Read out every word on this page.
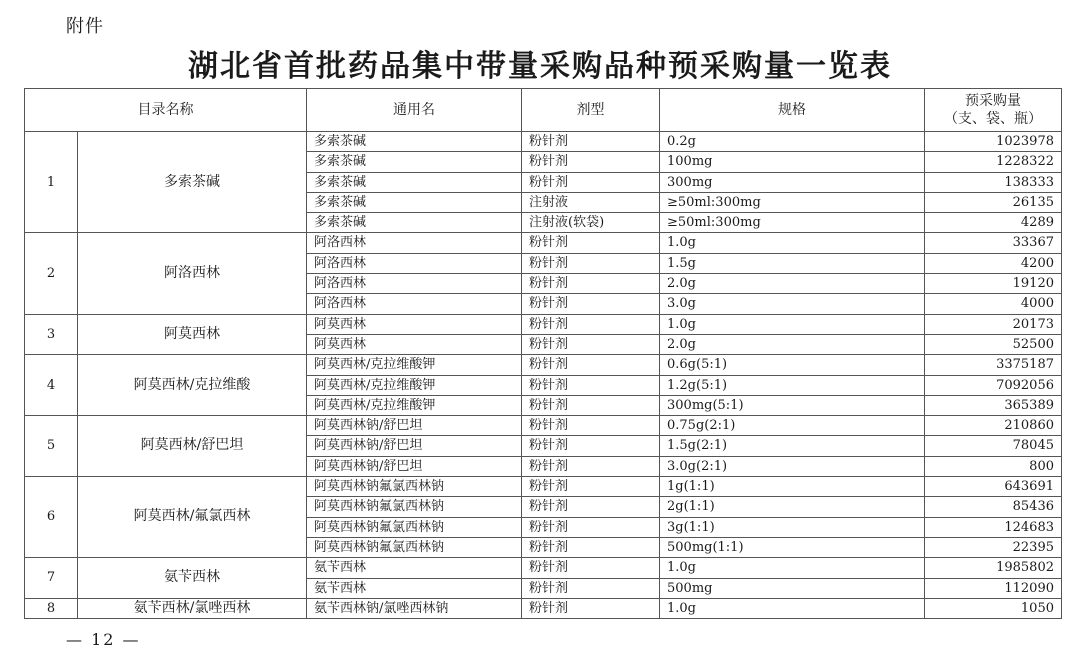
附件
湖北省首批药品集中带量采购品种预采购量一览表
目录名称		通用名	剂型	规格	预采购量
（支、袋、瓶）

1	多索茶碱	多索茶碱	粉针剂	0.2g	1023978
		多索茶碱	粉针剂	100mg	1228322
		多索茶碱	粉针剂	300mg	138333
		多索茶碱	注射液	≥50ml:300mg	26135
		多索茶碱	注射液(软袋)	≥50ml:300mg	4289
2	阿洛西林	阿洛西林	粉针剂	1.0g	33367
		阿洛西林	粉针剂	1.5g	4200
		阿洛西林	粉针剂	2.0g	19120
		阿洛西林	粉针剂	3.0g	4000
3	阿莫西林	阿莫西林	粉针剂	1.0g	20173
		阿莫西林	粉针剂	2.0g	52500
4	阿莫西林/克拉维酸	阿莫西林/克拉维酸钾	粉针剂	0.6g(5:1)	3375187
		阿莫西林/克拉维酸钾	粉针剂	1.2g(5:1)	7092056
		阿莫西林/克拉维酸钾	粉针剂	300mg(5:1)	365389
5	阿莫西林/舒巴坦	阿莫西林钠/舒巴坦	粉针剂	0.75g(2:1)	210860
		阿莫西林钠/舒巴坦	粉针剂	1.5g(2:1)	78045
		阿莫西林钠/舒巴坦	粉针剂	3.0g(2:1)	800
6	阿莫西林/氟氯西林	阿莫西林钠氟氯西林钠	粉针剂	1g(1:1)	643691
		阿莫西林钠氟氯西林钠	粉针剂	2g(1:1)	85436
		阿莫西林钠氟氯西林钠	粉针剂	3g(1:1)	124683
		阿莫西林钠氟氯西林钠	粉针剂	500mg(1:1)	22395
7	氨苄西林	氨苄西林	粉针剂	1.0g	1985802
		氨苄西林	粉针剂	500mg	112090
8	氨苄西林/氯唑西林	氨苄西林钠/氯唑西林钠	粉针剂	1.0g	1050
— 12 —
